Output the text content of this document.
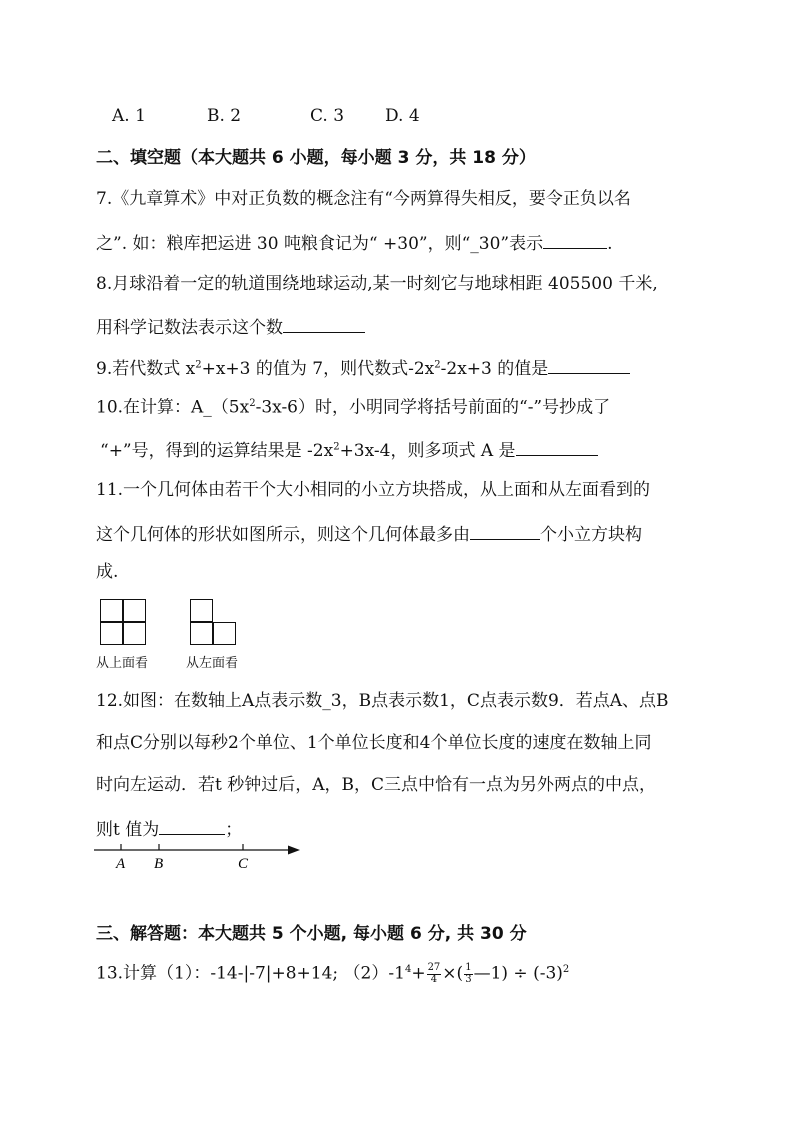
A. 1	B. 2	C. 3 D. 4
二、填空题（本大题共 6 小题，每小题 3 分，共 18 分）
7.《九章算术》中对正负数的概念注有“今两算得失相反，要令正负以名
之”. 如：粮库把运进 30 吨粮食记为“ +30”，则“_30”表示	.
8.月球沿着一定的轨道围绕地球运动,某一时刻它与地球相距 405500 千米,
用科学记数法表示这个数
9.若代数式 $x^2+x+3$ 的值为 7，则代数式$-2x^2-2x+3$ 的值是
10.在计算：$A\_(5x^2-3x-6)$时，小明同学将括号前面的“-”号抄成了
“+”号，得到的运算结果是 $-2x^2+3x-4$，则多项式 A 是
11.一个几何体由若干个大小相同的小立方块搭成，从上面和从左面看到的
这个几何体的形状如图所示，则这个几何体最多由	个小立方块构
成.
从上面看	从左面看
12.如图：在数轴上A点表示数_3，B点表示数1，C点表示数9．若点A、点B
和点C分别以每秒2个单位、1个单位长度和4个单位长度的速度在数轴上同
时向左运动．若t 秒钟过后，A，B，C三点中恰有一点为另外两点的中点，
则t 值为	；
A B	C
三、解答题：本大题共 5 个小题, 每小题 6 分, 共 30 分
13.计算（1）：-14-|-7|+8+14; $(2)-1^4+ \frac{27}{4}$ ×( $\frac{1}{3}$ —1) ÷ $(-3)^2$
